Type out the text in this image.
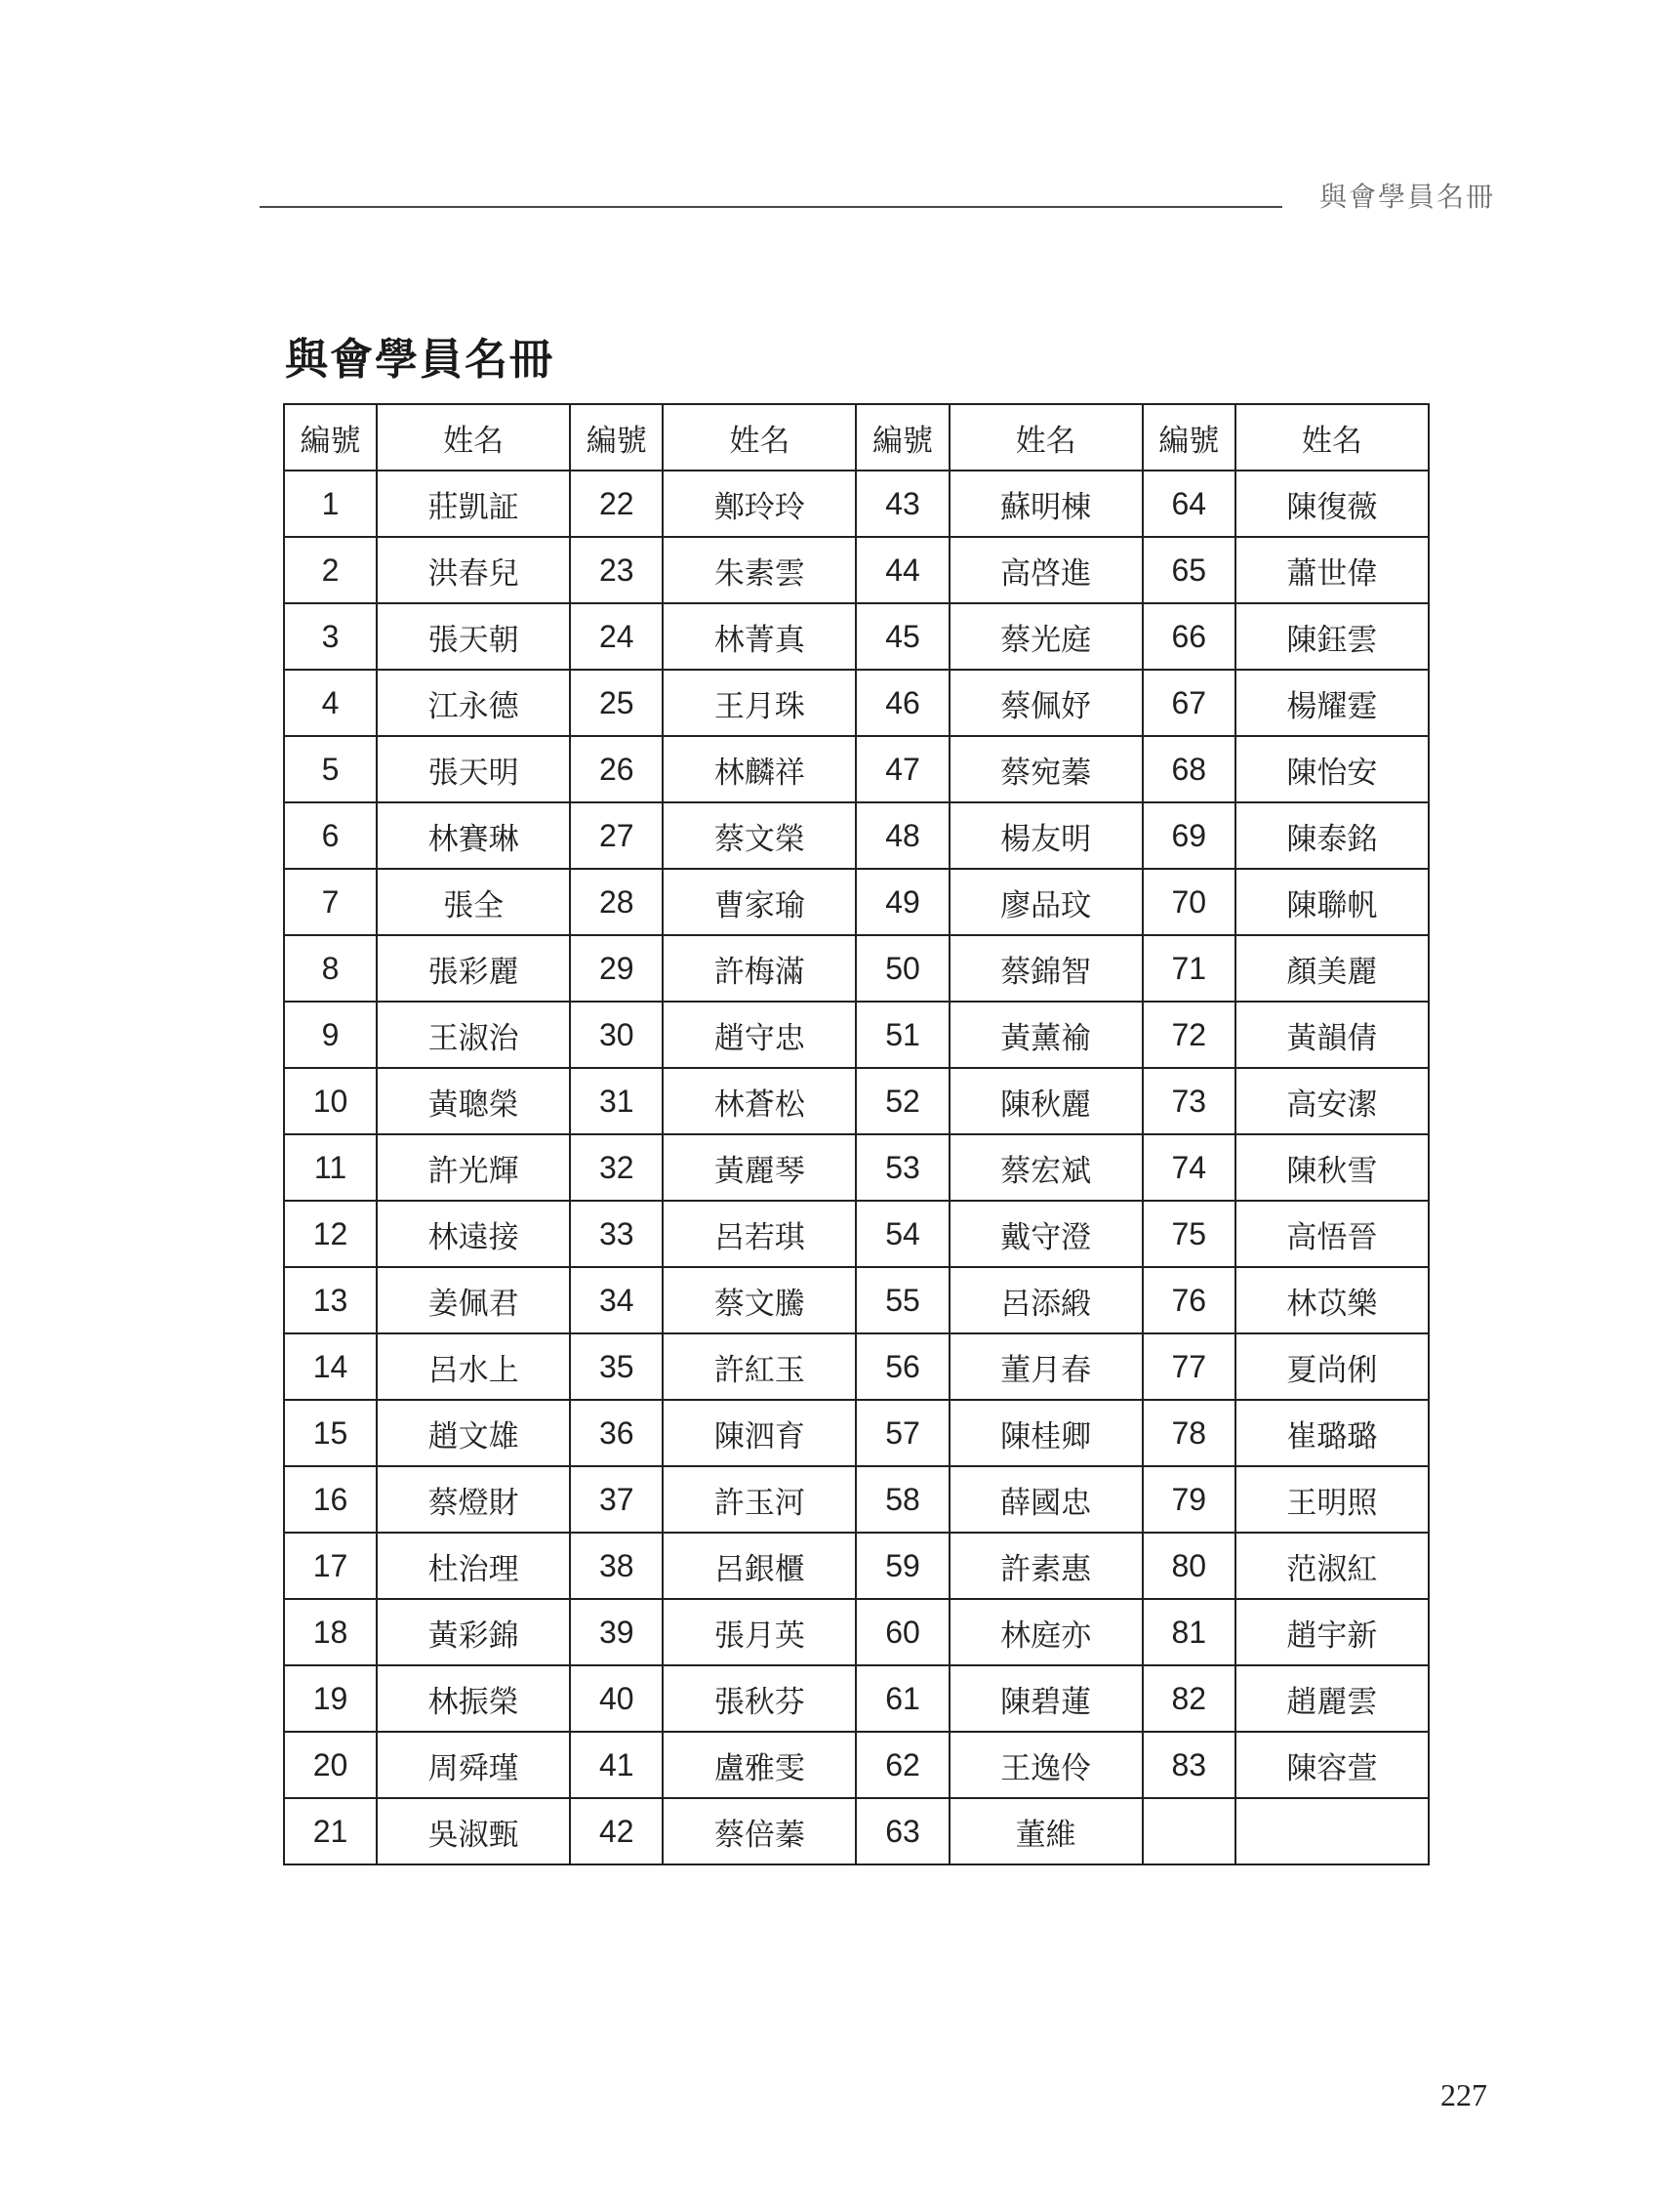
與會學員名冊
與會學員名冊
編號	姓名	編號	姓名	編號	姓名	編號	姓名
1	莊凱証	22	鄭玲玲	43	蘇明棟	64	陳復薇
2	洪春兒	23	朱素雲	44	高啓進	65	蕭世偉
3	張天朝	24	林菁真	45	蔡光庭	66	陳鈺雲
4	江永德	25	王月珠	46	蔡佩妤	67	楊耀霆
5	張天明	26	林麟祥	47	蔡宛蓁	68	陳怡安
6	林賽琳	27	蔡文榮	48	楊友明	69	陳泰銘
7	張全	28	曹家瑜	49	廖品玟	70	陳聯帆
8	張彩麗	29	許梅滿	50	蔡錦智	71	顏美麗
9	王淑治	30	趙守忠	51	黃薰褕	72	黃韻倩
10	黃聰榮	31	林蒼松	52	陳秋麗	73	高安潔
11	許光輝	32	黃麗琴	53	蔡宏斌	74	陳秋雪
12	林遠接	33	呂若琪	54	戴守澄	75	高悟晉
13	姜佩君	34	蔡文騰	55	呂添緞	76	林苡樂
14	呂水上	35	許紅玉	56	董月春	77	夏尚俐
15	趙文雄	36	陳泗育	57	陳桂卿	78	崔璐璐
16	蔡燈財	37	許玉河	58	薛國忠	79	王明照
17	杜治理	38	呂銀櫃	59	許素惠	80	范淑紅
18	黃彩錦	39	張月英	60	林庭亦	81	趙宇新
19	林振榮	40	張秋芬	61	陳碧蓮	82	趙麗雲
20	周舜瑾	41	盧雅雯	62	王逸伶	83	陳容萱
21	吳淑甄	42	蔡倍蓁	63	董維		
227
